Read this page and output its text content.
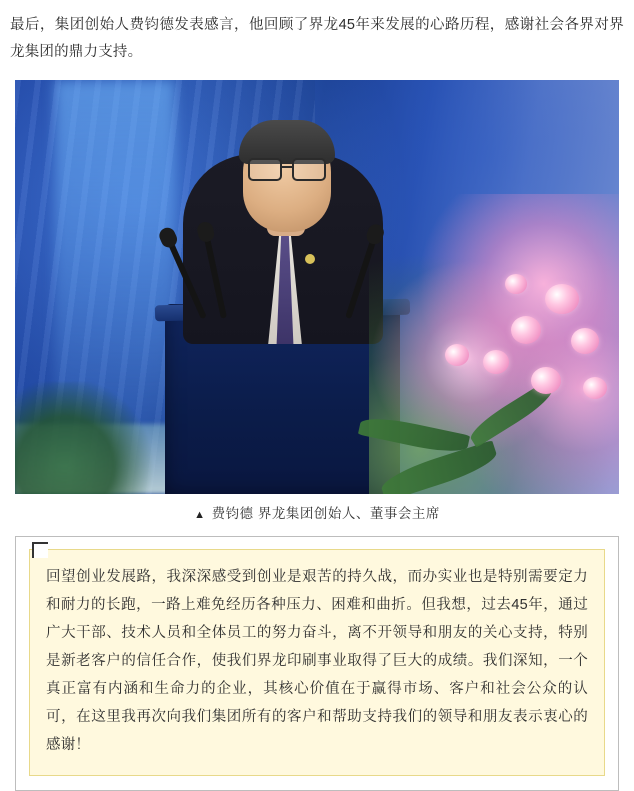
最后，集团创始人费钧德发表感言，他回顾了界龙45年来发展的心路历程，感谢社会各界对界龙集团的鼎力支持。

▲ 费钧德 界龙集团创始人、董事会主席

回望创业发展路，我深深感受到创业是艰苦的持久战，而办实业也是特别需要定力和耐力的长跑，一路上难免经历各种压力、困难和曲折。但我想，过去45年，通过广大干部、技术人员和全体员工的努力奋斗，离不开领导和朋友的关心支持，特别是新老客户的信任合作，使我们界龙印刷事业取得了巨大的成绩。我们深知，一个真正富有内涵和生命力的企业，其核心价值在于赢得市场、客户和社会公众的认可，在这里我再次向我们集团所有的客户和帮助支持我们的领导和朋友表示衷心的感谢！
